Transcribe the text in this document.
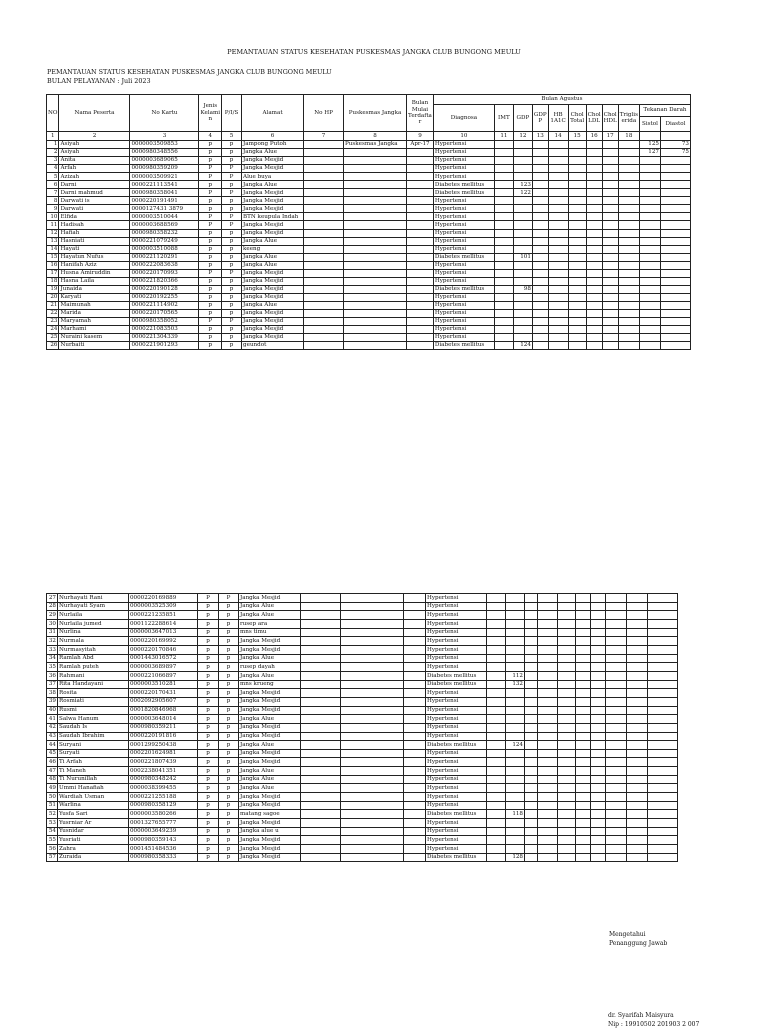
PEMANTAUAN STATUS KESEHATAN PUSKESMAS JANGKA CLUB BUNGONG MEULU
PEMANTAUAN STATUS KESEHATAN PUSKESMAS JANGKA CLUB BUNGONG MEULU
BULAN PELAYANAN : Juli 2023
NO	Nama Peserta	No Kartu	Jenis Kelami n	P/I/S	Alamat	No HP	Puskesmas Jangka	Bulan Mulai Terdafta r	Bulan Agustus										
									Diagnosa	IMT	GDP	GDP P	HB 1A1C	Chol Total	Chol LDL	Chol HDL	Triglis erida	Tekanan Darah	
																		Sistol	Diastol
1	2	3	4	5	6	7	8	9	10	11	12	13	14	15	16	17	18		
1	Asiyah	0000003509853	p	p	Jampong Putoh		Puskesmas Jangka	Apr-17	Hypertensi									125	73
2	Asiyah	0000980348556	p	p	Jangka Alue				Hypertensi									127	75
3	Anita	0000003689065	p	p	Jangka Mesjid				Hypertensi										
4	Arfah	0000980359209	P	P	Jangka Mesjid				Hypertensi										
5	Azizah	0000003509921	P	P	Alue buya				Hypertensi										
6	Darni	0000221113541	p	p	Jangka Alue				Diabetes mellitus		123								
7	Darni mahmud	0000980358041	P	P	Jangka Mesjid				Diabetes mellitus		122								
8	Darwati is	0000220191491	p	p	Jangka Mesjid				Hypertensi										
9	Darwati	0000127431 3879	p	p	Jangka Mesjid				Hypertensi										
10	Elfida	0000003510044	P	P	BTN keupula Indah				Hypertensi										
11	Hadisah	0000003688569	P	P	Jangka Mesjid				Hypertensi										
12	Hafiah	0000980358232	p	p	Jangka Mesjid				Hypertensi										
13	Hasniati	0000221079249	p	p	Jangka Alue				Hypertensi										
14	Hayati	0000003510088	p	p	keeng				Hypertensi										
15	Hayatun Nufus	0000221120291	p	p	Jangka Alue				Diabetes mellitus		101								
16	Hanifah Aziz	0000222083638	p	p	Jangka Alue				Hypertensi										
17	Husna Amiruddin	0000220170993	P	P	Jangka Mesjid				Hypertensi										
18	Hasna Laila	0000221820366	p	p	Jangka Mesjid				Hypertensi										
19	Junaida	0000220190128	p	p	Jangka Mesjid				Diabetes mellitus		98								
20	Karyati	0000220192255	p	p	Jangka Mesjid				Hypertensi										
21	Maimunah	0000221114902	p	p	Jangka Alue				Hypertensi										
22	Marida	0000220170565	p	p	Jangka Mesjid				Hypertensi										
23	Maryamah	0000980358052	P	P	Jangka Mesjid				Hypertensi										
24	Marhami	0000221083503	p	p	Jangka Mesjid				Hypertensi										
25	Nuraini kasem	0000221304339	p	p	Jangka Mesjid				Hypertensi										
26	Nurbaiti	0000221901293	p	p	geundot				Diabetes mellitus		124								
27	Nurhayati Rani	0000220169889	P	P	Jangka Mesjid				Hypertensi										
28	Nurhayati Syam	0000003525309	p	p	Jangka Alue				Hypertensi										
29	Nurlaila	0000221235851	p	p	Jangka Alue				Hypertensi										
30	Nurlaila jumed	0001122288614	p	p	rusep ara				Hypertensi										
31	Nurlina	0000003647013	p	p	mns timu				Hypertensi										
32	Nurmala	0000220169992	p	p	Jangka Mesjid				Hypertensi										
33	Nurmasyitah	0000220170846	p	p	Jangka Mesjid				Hypertensi										
34	Ramlah Abd	0001443016572	p	p	Jangka Alue				Hypertensi										
35	Ramlah puteh	0000003689897	p	p	rusep dayah				Hypertensi										
36	Rahmani	0000221066897	p	p	Jangka Alue				Diabetes mellitus		112								
37	Rita Handayani	0000003510281	p	p	mns krueng				Diabetes mellitus		132								
38	Rosita	0000220170431	p	p	Jangka Mesjid				Hypertensi										
39	Rosmiati	0002092905607	p	p	Jangka Mesjid				Hypertensi										
40	Rusmi	0001820846968	p	p	Jangka Mesjid				Hypertensi										
41	Salwa Hanum	0000003648014	p	p	Jangka Alue				Hypertensi										
42	Saudah Is	0000980359211	p	p	Jangka Mesjid				Hypertensi										
43	Saudah Ibrahim	0000220191816	p	p	Jangka Mesjid				Hypertensi										
44	Suryani	0001299250438	p	p	Jangka Alue				Diabetes mellitus		124								
45	Suryati	0002201624981	p	p	Jangka Mesjid				Hypertensi										
46	Ti Arfah	0000221807439	p	p	Jangka Mesjid				Hypertensi										
47	Ti Maneh	0002238041351	p	p	Jangka Alue				Hypertensi										
48	Ti Nurunillah	0000980348242	p	p	Jangka Alue				Hypertensi										
49	Ummi Hanafiah	0000038399455	p	p	Jangka Alue				Hypertensi										
50	Wardiah Usman	0000221255188	p	p	Jangka Mesjid				Hypertensi										
51	Warlina	0000980358129	p	p	Jangka Mesjid				Hypertensi										
52	Yusfa Sari	0000003580266	p	p	matang sagoe				Diabetes mellitus		118								
53	Yusrniar Ar	0001327655777	p	p	Jangka Mesjid				Hypertensi										
54	Yusnidar	0000003649239	p	p	Jangka alue u				Hypertensi										
55	Yusriati	0000980359143	p	p	Jangka Mesjid				Hypertensi										
56	Zahra	0001451484536	p	p	Jangka Mesjid				Hypertensi										
57	Zuraida	0000980358333	p	p	Jangka Mesjid				Diabetes mellitus		128								
Mengetahui
Penanggung Jawab
dr. Syarifah Maisyura
Nip : 19910502 201903 2 007
